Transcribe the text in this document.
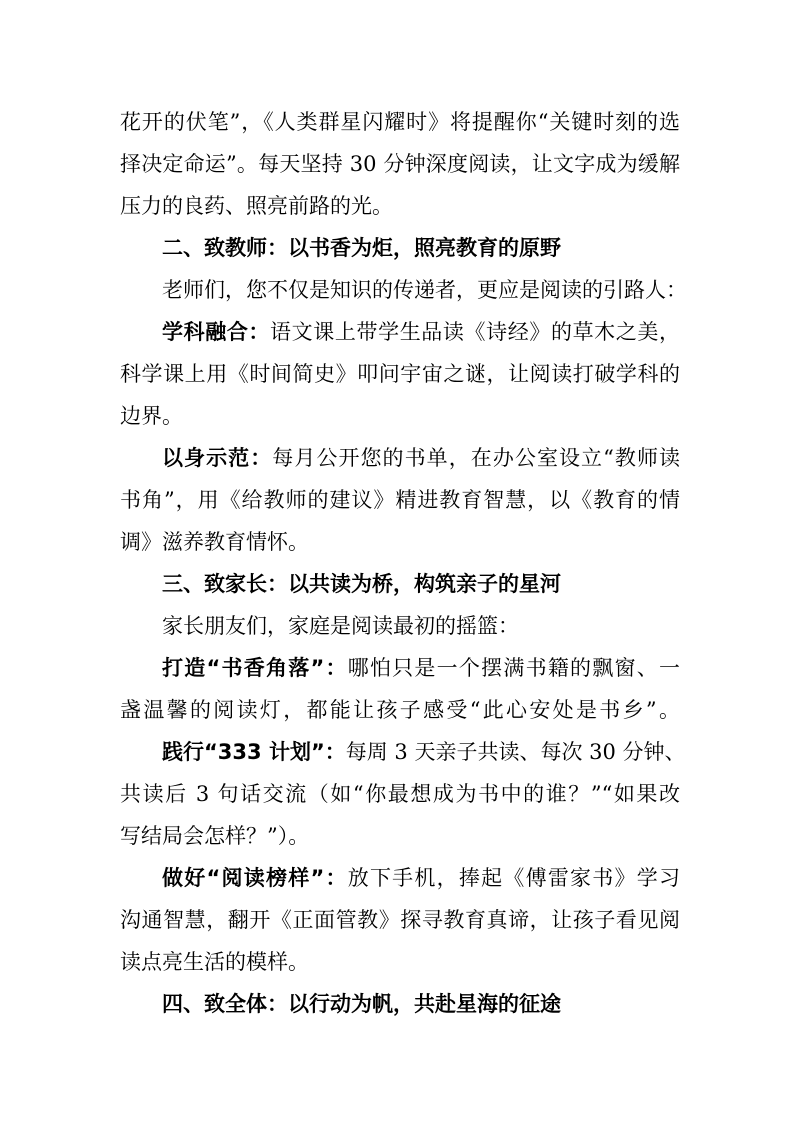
花开的伏笔”，《人类群星闪耀时》将提醒你“关键时刻的选
择决定命运”。每天坚持 30 分钟深度阅读，让文字成为缓解
压力的良药、照亮前路的光。
二、致教师：以书香为炬，照亮教育的原野
老师们，您不仅是知识的传递者，更应是阅读的引路人：
学科融合：语文课上带学生品读《诗经》的草木之美，
科学课上用《时间简史》叩问宇宙之谜，让阅读打破学科的
边界。
以身示范：每月公开您的书单，在办公室设立“教师读
书角”，用《给教师的建议》精进教育智慧，以《教育的情
调》滋养教育情怀。
三、致家长：以共读为桥，构筑亲子的星河
家长朋友们，家庭是阅读最初的摇篮：
打造“书香角落”：哪怕只是一个摆满书籍的飘窗、一
盏温馨的阅读灯，都能让孩子感受“此心安处是书乡”。
践行“333 计划”：每周 3 天亲子共读、每次 30 分钟、
共读后 3 句话交流（如“你最想成为书中的谁？”“如果改
写结局会怎样？”）。
做好“阅读榜样”：放下手机，捧起《傅雷家书》学习
沟通智慧，翻开《正面管教》探寻教育真谛，让孩子看见阅
读点亮生活的模样。
四、致全体：以行动为帆，共赴星海的征途
